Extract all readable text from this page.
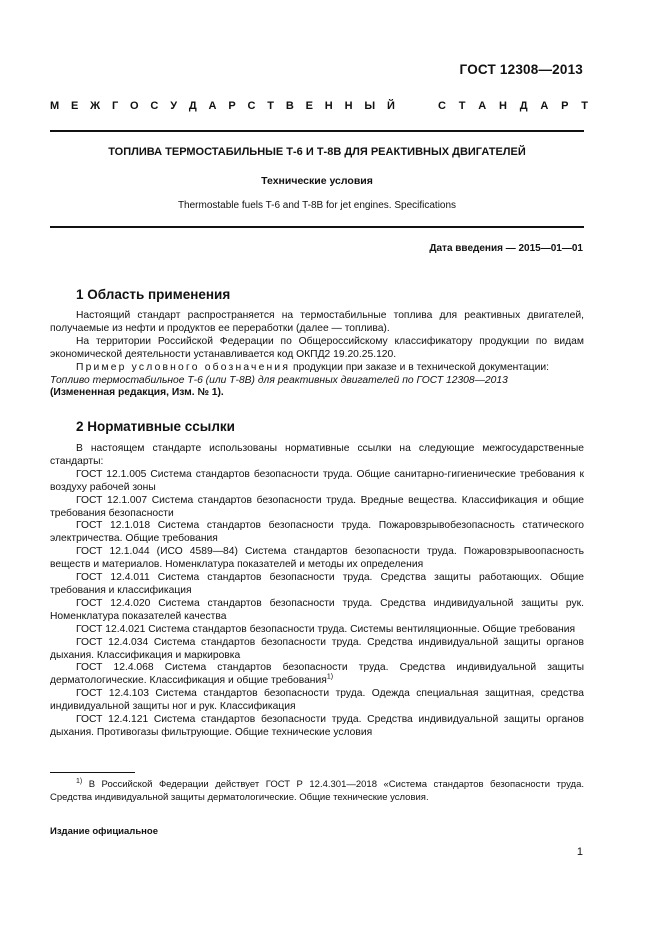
ГОСТ 12308—2013
М Е Ж Г О С У Д А Р С Т В Е Н Н Ы Й	С Т А Н Д А Р Т
ТОПЛИВА ТЕРМОСТАБИЛЬНЫЕ Т-6 И Т-8В ДЛЯ РЕАКТИВНЫХ ДВИГАТЕЛЕЙ
Технические условия
Thermostable fuels T-6 and T-8B for jet engines. Specifications
Дата введения — 2015—01—01
1 Область применения

Настоящий стандарт распространяется на термостабильные топлива для реактивных двигателей, получаемые из нефти и продуктов ее переработки (далее — топлива).

На территории Российской Федерации по Общероссийскому классификатору продукции по видам экономической деятельности устанавливается код ОКПД2 19.20.25.120.

Пример условного обозначения продукции при заказе и в технической документации:

Топливо термостабильное Т-6 (или Т-8В) для реактивных двигателей по ГОСТ 12308—2013

(Измененная редакция, Изм. № 1).

2 Нормативные ссылки

В настоящем стандарте использованы нормативные ссылки на следующие межгосударственные стандарты:

ГОСТ 12.1.005 Система стандартов безопасности труда. Общие санитарно-гигиенические требования к воздуху рабочей зоны

ГОСТ 12.1.007 Система стандартов безопасности труда. Вредные вещества. Классификация и общие требования безопасности

ГОСТ 12.1.018 Система стандартов безопасности труда. Пожаровзрывобезопасность статического электричества. Общие требования

ГОСТ 12.1.044 (ИСО 4589—84) Система стандартов безопасности труда. Пожаровзрывоопасность веществ и материалов. Номенклатура показателей и методы их определения

ГОСТ 12.4.011 Система стандартов безопасности труда. Средства защиты работающих. Общие требования и классификация

ГОСТ 12.4.020 Система стандартов безопасности труда. Средства индивидуальной защиты рук. Номенклатура показателей качества

ГОСТ 12.4.021 Система стандартов безопасности труда. Системы вентиляционные. Общие требования

ГОСТ 12.4.034 Система стандартов безопасности труда. Средства индивидуальной защиты органов дыхания. Классификация и маркировка

ГОСТ 12.4.068 Система стандартов безопасности труда. Средства индивидуальной защиты дерматологические. Классификация и общие требования$^{1)}$

ГОСТ 12.4.103 Система стандартов безопасности труда. Одежда специальная защитная, средства индивидуальной защиты ног и рук. Классификация

ГОСТ 12.4.121 Система стандартов безопасности труда. Средства индивидуальной защиты органов дыхания. Противогазы фильтрующие. Общие технические условия

$^{1)}$ В Российской Федерации действует ГОСТ Р 12.4.301—2018 «Система стандартов безопасности труда. Средства индивидуальной защиты дерматологические. Общие технические условия.

Издание официальное
1
